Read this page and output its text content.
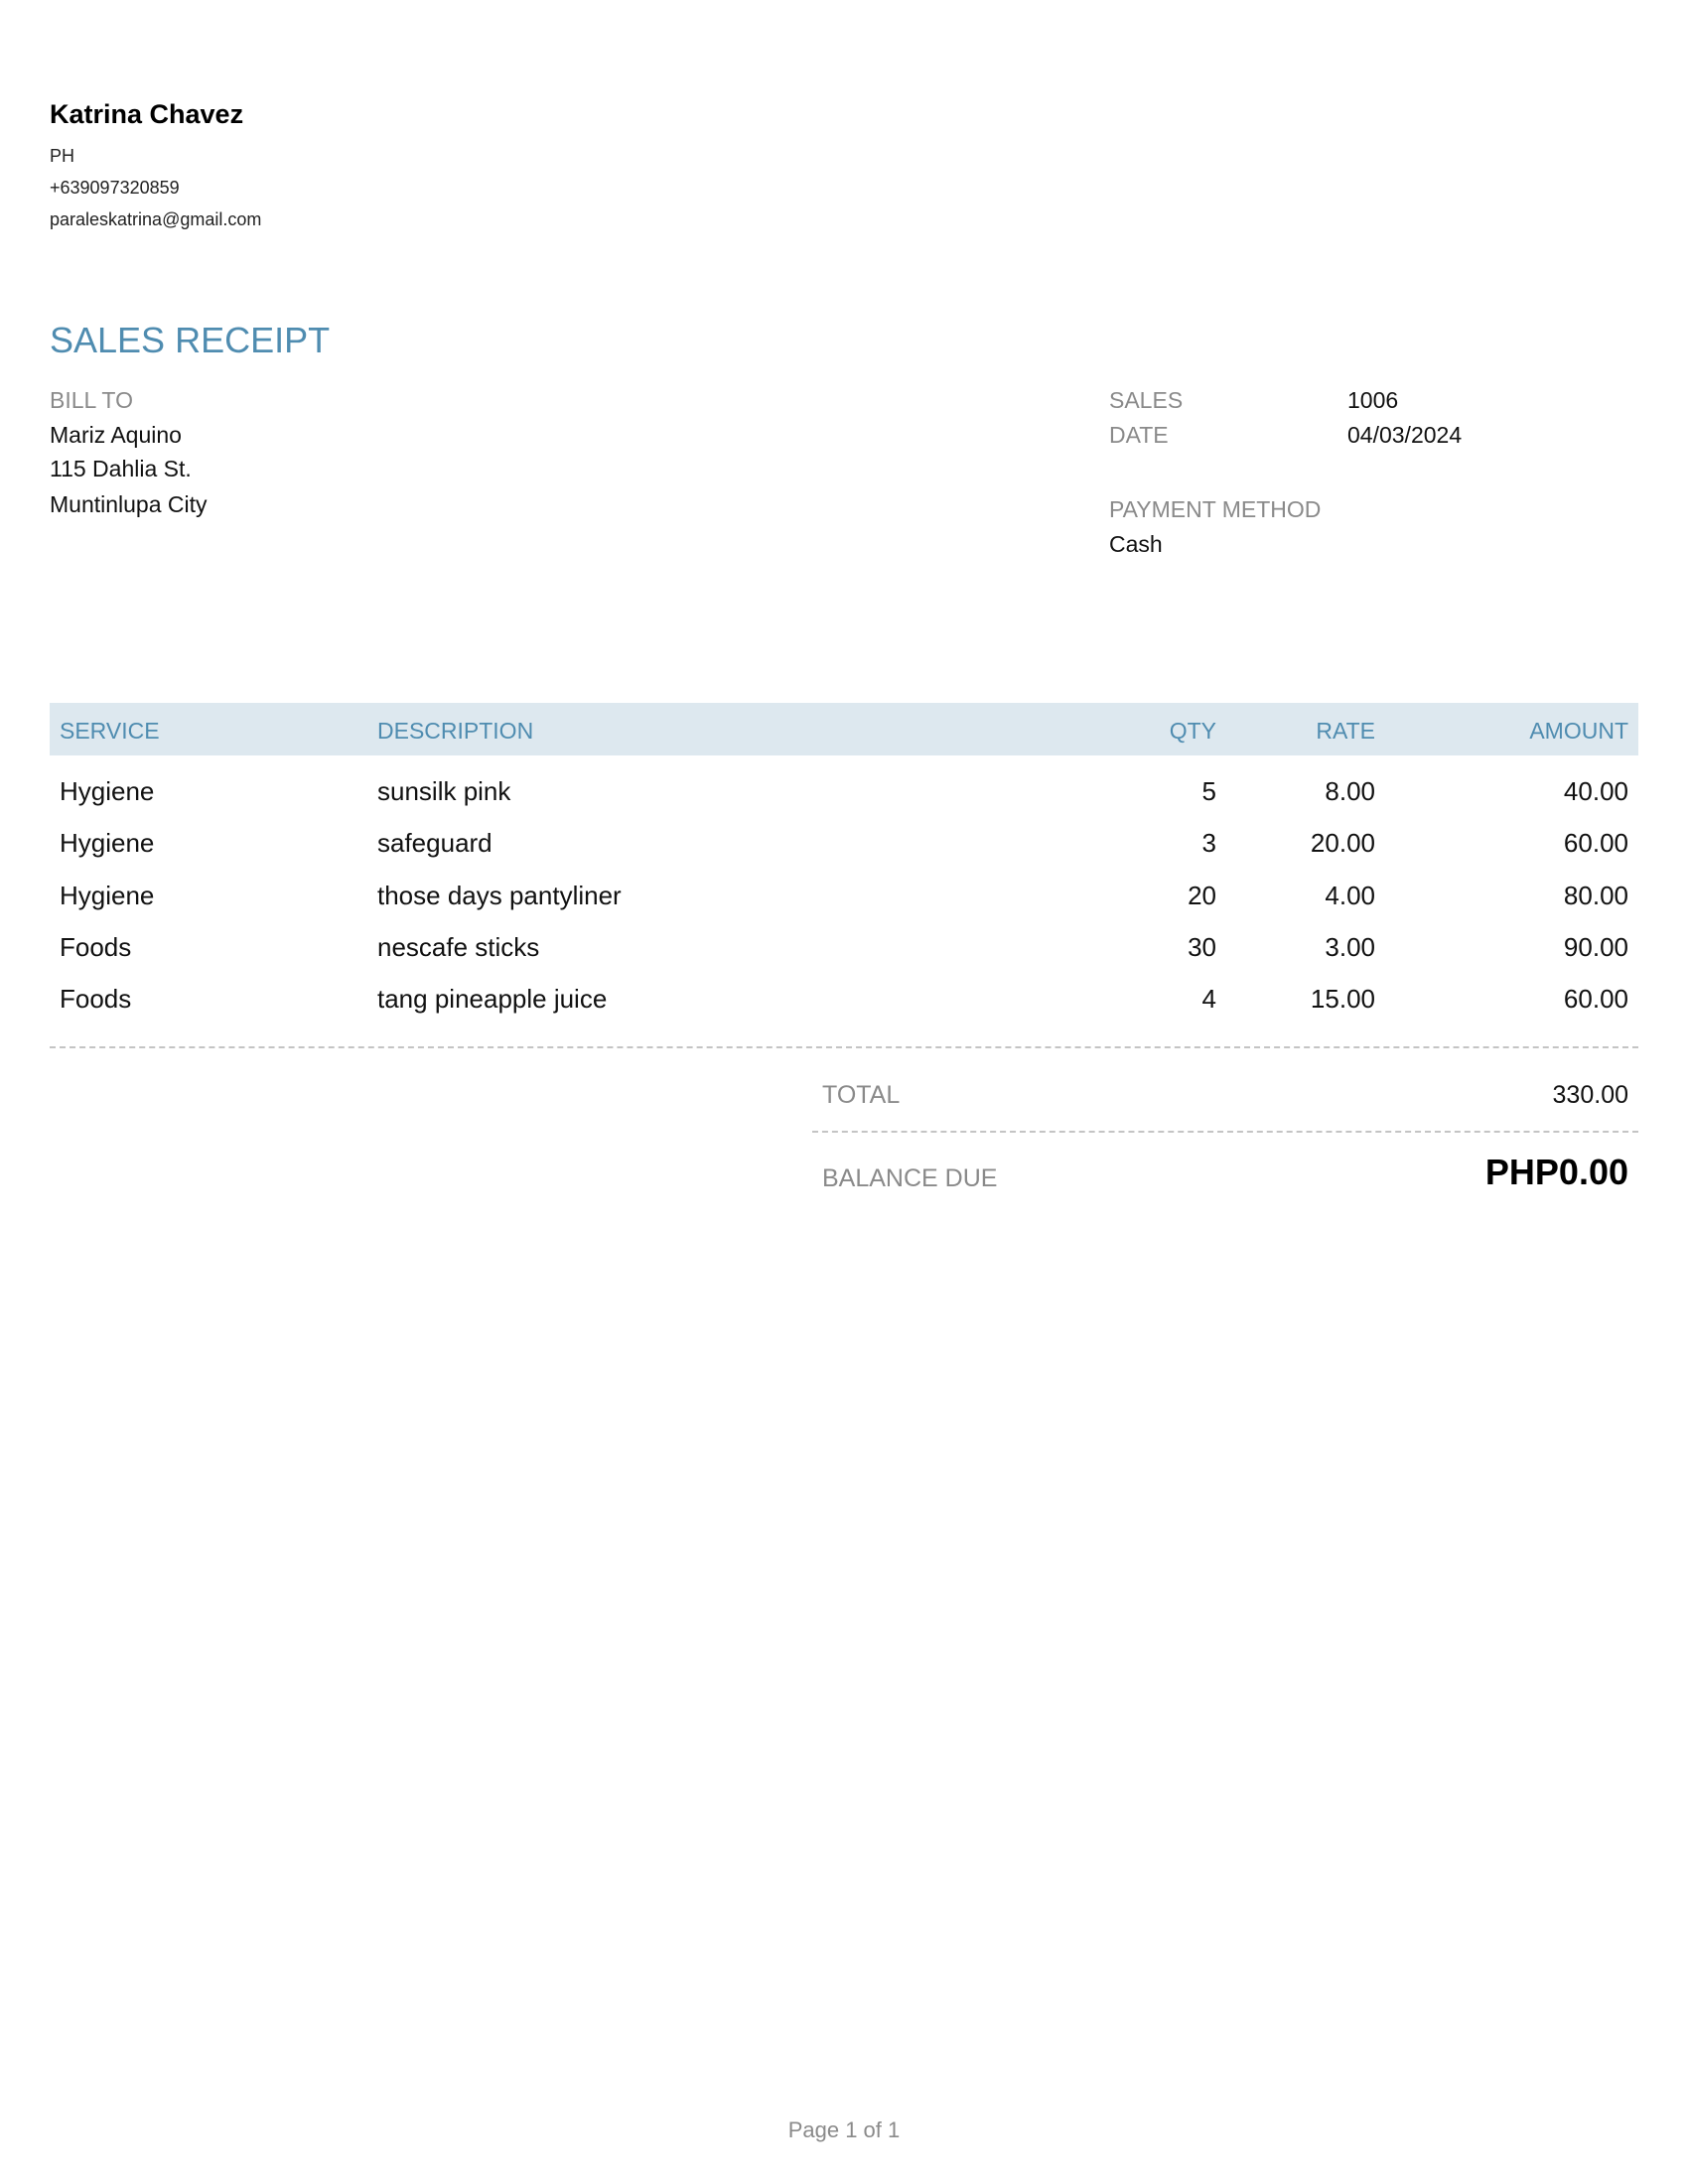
Katrina Chavez
PH
+639097320859
paraleskatrina@gmail.com
SALES RECEIPT
BILL TO
Mariz Aquino
115 Dahlia St.
Muntinlupa City
SALES	1006
DATE	04/03/2024
PAYMENT METHOD
Cash
SERVICE	DESCRIPTION	QTY	RATE	AMOUNT
Hygiene	sunsilk pink	5	8.00	40.00
Hygiene	safeguard	3	20.00	60.00
Hygiene	those days pantyliner	20	4.00	80.00
Foods	nescafe sticks	30	3.00	90.00
Foods	tang pineapple juice	4	15.00	60.00
TOTAL	330.00
BALANCE DUE	PHP0.00
Page 1 of 1
